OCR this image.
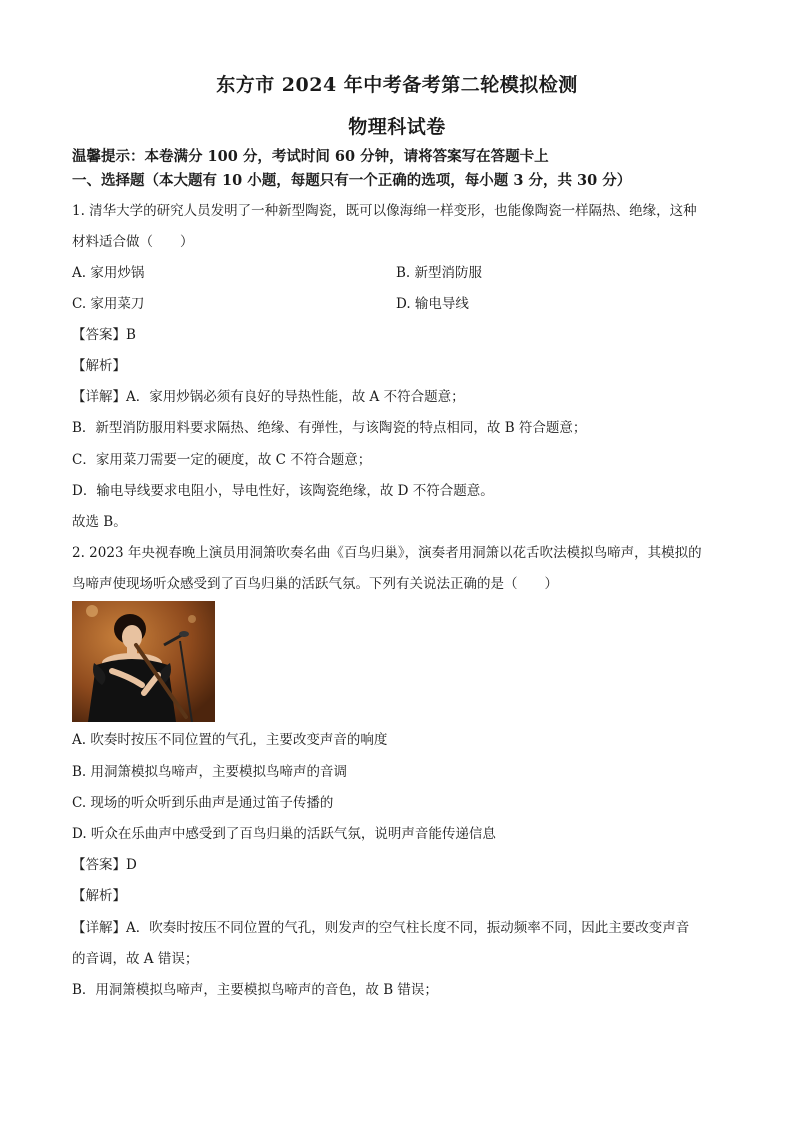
东方市 2024 年中考备考第二轮模拟检测
物理科试卷
温馨提示：本卷满分 100 分，考试时间 60 分钟，请将答案写在答题卡上
一、选择题（本大题有 10 小题，每题只有一个正确的选项，每小题 3 分，共 30 分）
1. 清华大学的研究人员发明了一种新型陶瓷，既可以像海绵一样变形，也能像陶瓷一样隔热、绝缘，这种
材料适合做（　　）
A. 家用炒锅	B. 新型消防服
C. 家用菜刀	D. 输电导线
【答案】B
【解析】
【详解】A．家用炒锅必须有良好的导热性能，故 A 不符合题意；
B．新型消防服用料要求隔热、绝缘、有弹性，与该陶瓷的特点相同，故 B 符合题意；
C．家用菜刀需要一定的硬度，故 C 不符合题意；
D．输电导线要求电阻小，导电性好，该陶瓷绝缘，故 D 不符合题意。
故选 B。
2. 2023 年央视春晚上演员用洞箫吹奏名曲《百鸟归巢》，演奏者用洞箫以花舌吹法模拟鸟啼声，其模拟的
鸟啼声使现场听众感受到了百鸟归巢的活跃气氛。下列有关说法正确的是（　　）
A. 吹奏时按压不同位置的气孔，主要改变声音的响度
B. 用洞箫模拟鸟啼声，主要模拟鸟啼声的音调
C. 现场的听众听到乐曲声是通过笛子传播的
D. 听众在乐曲声中感受到了百鸟归巢的活跃气氛，说明声音能传递信息
【答案】D
【解析】
【详解】A．吹奏时按压不同位置的气孔，则发声的空气柱长度不同，振动频率不同，因此主要改变声音
的音调，故 A 错误；
B．用洞箫模拟鸟啼声，主要模拟鸟啼声的音色，故 B 错误；
